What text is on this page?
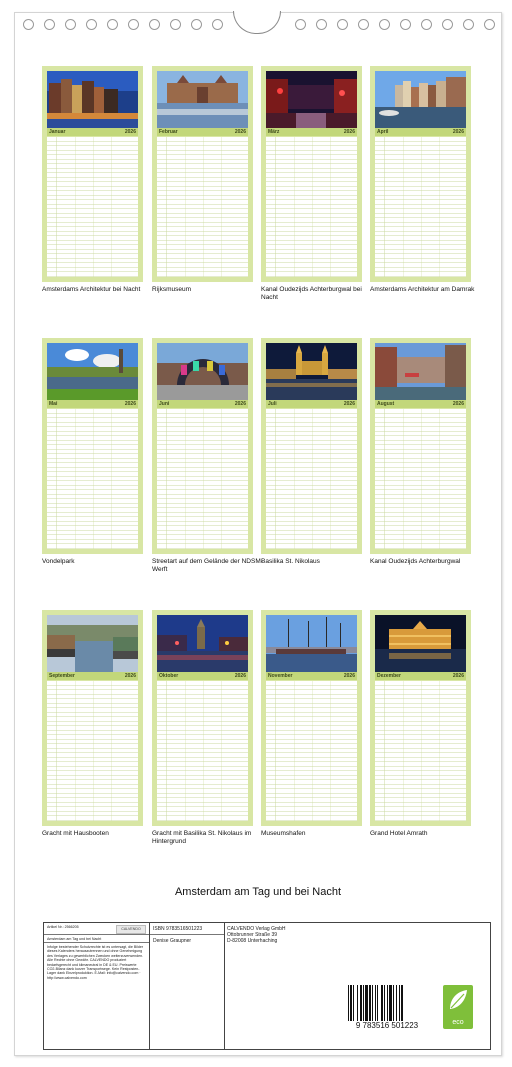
Januar	2026
Amsterdams Architektur bei Nacht
Februar	2026
Rijksmuseum
März	2026
Kanal Oudezijds Achterburgwal bei Nacht
April	2026
Amsterdams Architektur am Damrak
Mai	2026
Vondelpark
Juni	2026
Streetart auf dem Gelände der NDSM-Werft
Juli	2026
Basilika St. Nikolaus
August	2026
Kanal Oudezijds Achterburgwal
September	2026
Gracht mit Hausbooten
Oktober	2026
Gracht mit Basilika St. Nikolaus im Hintergrund
November	2026
Museumshafen
Dezember	2026
Grand Hotel Amrath
Amsterdam am Tag und bei Nacht
Artikel Nr.: 2566205	CALVENDO
Amsterdam am Tag und bei Nacht
Infolge bestehender Schutzrechte ist es untersagt, die Bilder dieses Kalenders herauszutrennen und ohne Genehmigung des Verlages zu gewerblichen Zwecken weiterzuverwenden. Alle Rechte ohne Gewähr. CALVENDO produziert bedarfsgerecht und klimaneutral in DE & EU. Preiswerte CO2-Bilanz dank kurzer Transportwege. Kein Restposten-Lager dank Einzelproduktion. E-Mail: info@calvendo.com · http://www.calvendo.com
ISBN 9783516501223
Denise Graupner
CALVENDO Verlag GmbH
Ottobrunner Straße 39
D-82008 Unterhaching
9 783516 501223	eco
